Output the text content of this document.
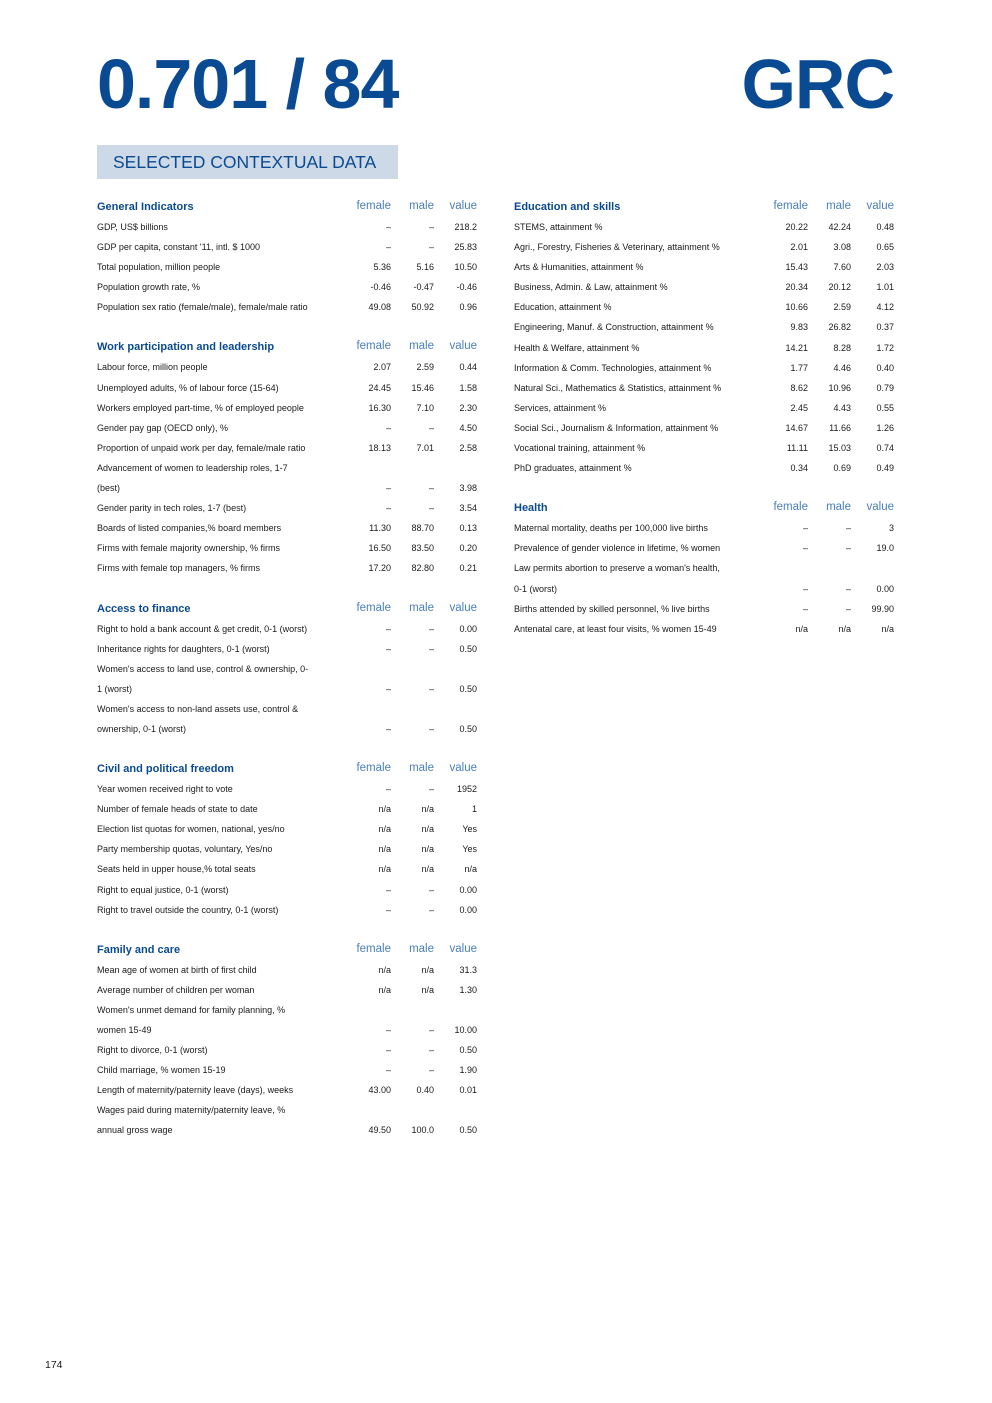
0.701 / 84	GRC
SELECTED CONTEXTUAL DATA
General Indicators	female male value
GDP, US$ billions	–	– 218.2
GDP per capita, constant '11, intl. $ 1000	–	– 25.83
Total population, million people	5.36	5.16 10.50
Population growth rate, %	-0.46 -0.47 -0.46
Population sex ratio (female/male), female/male ratio	49.08 50.92	0.96
Work participation and leadership	female male value
Labour force, million people	2.07	2.59	0.44
Unemployed adults, % of labour force (15-64)	24.45 15.46	1.58
Workers employed part-time, % of employed people	16.30	7.10	2.30
Gender pay gap (OECD only), %	–	–	4.50
Proportion of unpaid work per day, female/male ratio	18.13	7.01	2.58
Advancement of women to leadership roles, 1-7
(best)	–	–	3.98
Gender parity in tech roles, 1-7 (best)	–	–	3.54
Boards of listed companies,% board members	11.30 88.70	0.13
Firms with female majority ownership, % firms	16.50 83.50	0.20
Firms with female top managers, % firms	17.20 82.80	0.21
Access to finance	female male value
Right to hold a bank account & get credit, 0-1 (worst)	–	–	0.00
Inheritance rights for daughters, 0-1 (worst)	–	–	0.50
Women's access to land use, control & ownership, 0-
1 (worst)	–	–	0.50
Women's access to non-land assets use, control &
ownership, 0-1 (worst)	–	–	0.50
Civil and political freedom	female male value
Year women received right to vote	–	–	1952
Number of female heads of state to date	n/a	n/a	1
Election list quotas for women, national, yes/no	n/a	n/a	Yes
Party membership quotas, voluntary, Yes/no	n/a	n/a	Yes
Seats held in upper house,% total seats	n/a	n/a	n/a
Right to equal justice, 0-1 (worst)	–	–	0.00
Right to travel outside the country, 0-1 (worst)	–	–	0.00
Family and care	female male value
Mean age of women at birth of first child	n/a	n/a	31.3
Average number of children per woman	n/a	n/a	1.30
Women's unmet demand for family planning, %
women 15-49	–	– 10.00
Right to divorce, 0-1 (worst)	–	–	0.50
Child marriage, % women 15-19	–	–	1.90
Length of maternity/paternity leave (days), weeks	43.00	0.40	0.01
Wages paid during maternity/paternity leave, %
annual gross wage	49.50 100.0	0.50
Education and skills	female male value
STEMS, attainment %	20.22 42.24	0.48
Agri., Forestry, Fisheries & Veterinary, attainment %	2.01	3.08	0.65
Arts & Humanities, attainment %	15.43	7.60	2.03
Business, Admin. & Law, attainment %	20.34 20.12	1.01
Education, attainment %	10.66	2.59	4.12
Engineering, Manuf. & Construction, attainment %	9.83 26.82	0.37
Health & Welfare, attainment %	14.21	8.28	1.72
Information & Comm. Technologies, attainment %	1.77	4.46	0.40
Natural Sci., Mathematics & Statistics, attainment %	8.62 10.96	0.79
Services, attainment %	2.45	4.43	0.55
Social Sci., Journalism & Information, attainment %	14.67 11.66	1.26
Vocational training, attainment %	11.11 15.03	0.74
PhD graduates, attainment %	0.34	0.69	0.49
Health	female male value
Maternal mortality, deaths per 100,000 live births	–	–	3
Prevalence of gender violence in lifetime, % women	–	–	19.0
Law permits abortion to preserve a woman's health,
0-1 (worst)	–	–	0.00
Births attended by skilled personnel, % live births	–	– 99.90
Antenatal care, at least four visits, % women 15-49	n/a	n/a	n/a
174
